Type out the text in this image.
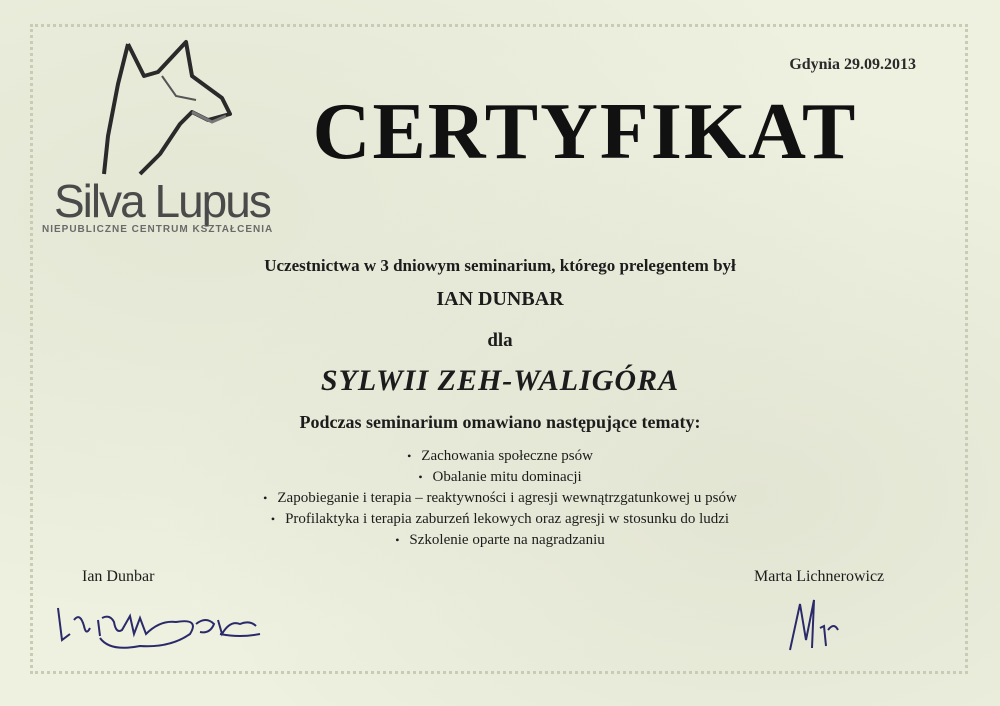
Silva Lupus
NIEPUBLICZNE CENTRUM KSZTAŁCENIA
Gdynia 29.09.2013
CERTYFIKAT
Uczestnictwa w 3 dniowym seminarium, którego prelegentem był
IAN DUNBAR
dla
SYLWII ZEH-WALIGÓRA
Podczas seminarium omawiano następujące tematy:
• Zachowania społeczne psów
• Obalanie mitu dominacji
• Zapobieganie i terapia – reaktywności i agresji wewnątrzgatunkowej u psów
• Profilaktyka i terapia zaburzeń lekowych oraz agresji w stosunku do ludzi
• Szkolenie oparte na nagradzaniu
Ian Dunbar	Marta Lichnerowicz
